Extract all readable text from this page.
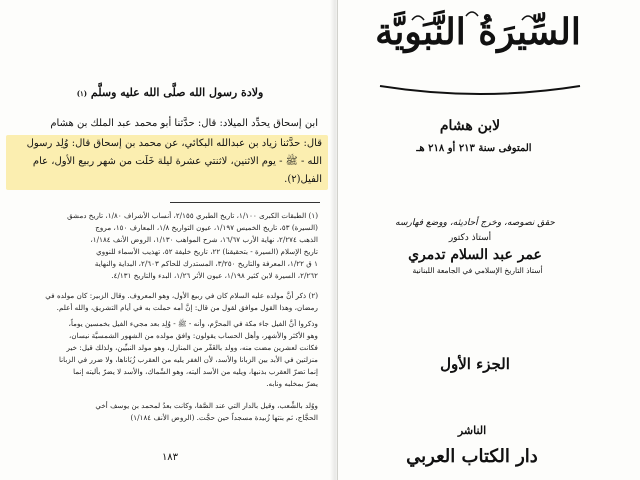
ولادة رسول الله صلَّى الله عليه وسلَّم (١)
ابن إسحاق يحدِّد الميلاد: قال: حدَّثنا أبو محمد عبد الملك بن هشام
قال: حدَّثنا زياد بن عبدالله البكائي، عن محمد بن إسحاق قال: وُلِد رسول
الله - ﷺ - يوم الاثنين، لاثنتي عشرة ليلة خَلَت من شهر ربيع الأول، عام
الفيل(٢).
(١) الطبقات الكبرى ١/١٠٠، تاريخ الطبري ٢/١٥٥، أنساب الأشراف ١/٨٠، تاريخ دمشق
(السيرة) ٥٣، تاريخ الخميس ١/١٩٧، عيون التواريخ ١/٨، المعارف ١٥٠، مروج
الذهب ٢/٢٧٤، نهاية الأرب ١٦/٦٧، شرح المواهب ١/١٣٠، الروض الأنف ١/١٨٤،
تاريخ الإسلام (السيرة - بتحقيقنا) ٢٢، تاريخ خليفة ٥٢، تهذيب الأسماء للنووي
١ ق ١/٢٢، المعرفة والتاريخ ٣/٢٥٠، المستدرك للحاكم ٢/٦٠٣، البداية والنهاية
٢/٢٦٢، السيرة لابن كثير ١/١٩٨، عيون الأثر ١/٢٦، البدء والتاريخ ٤/١٣١.
(٢) ذكر أنَّ مولده عليه السلام كان في ربيع الأول، وهو المعروف. وقال الزبير: كان مولده في
رمضان، وهذا القول موافق لقول من قال: إنَّ أمه حملت به في أيام التشريق، والله أعلم.
وذكروا أنَّ الفيل جاء مكة في المحرَّم، وأنه - ﷺ - وُلِد بعد مجيء الفيل بخمسين يوماً،
وهو الأكثر والأشهر، وأهل الحساب يقولون: وافق مولده من الشهور الشمسيَّة نيسان،
فكانت لعشرين مضت منه، وولد بالغَفْر من المنازل، وهو مولد النبيِّين، ولذلك قيل: خير
منزلتين في الأبد بين الزبانا والأسد، لأن الغفر يليه من العقرب زُبَاناها، ولا ضرر في الزبانا
إنما تضرّ العقرب بذنبها، ويليه من الأسد أليته، وهو السِّماك، والأسد لا يضرّ بأليته إنما
يضرّ بمخلبه ونابه.
ووُلد بالشِّعب، وقيل بالدار التي عند الصَّفا، وكانت بعدُ لمحمد بن يوسف أخي
الحجَّاج، ثم بنتها زُبيدة مسجداً حين حجَّت. (الروض الأنف ١/١٨٤)
١٨٣
السِّيرَةُ النَّبَويَّة
لابن هشام
المتوفى سنة ٢١٣ أو ٢١٨ هـ
حقق نصوصه، وخرج أحاديثه، ووضع فهارسه
أستاذ دكتور
عمر عبد السلام تدمري
أستاذ التاريخ الإسلامي في الجامعة اللبنانية
الجزء الأول
الناشر
دار الكتاب العربي
